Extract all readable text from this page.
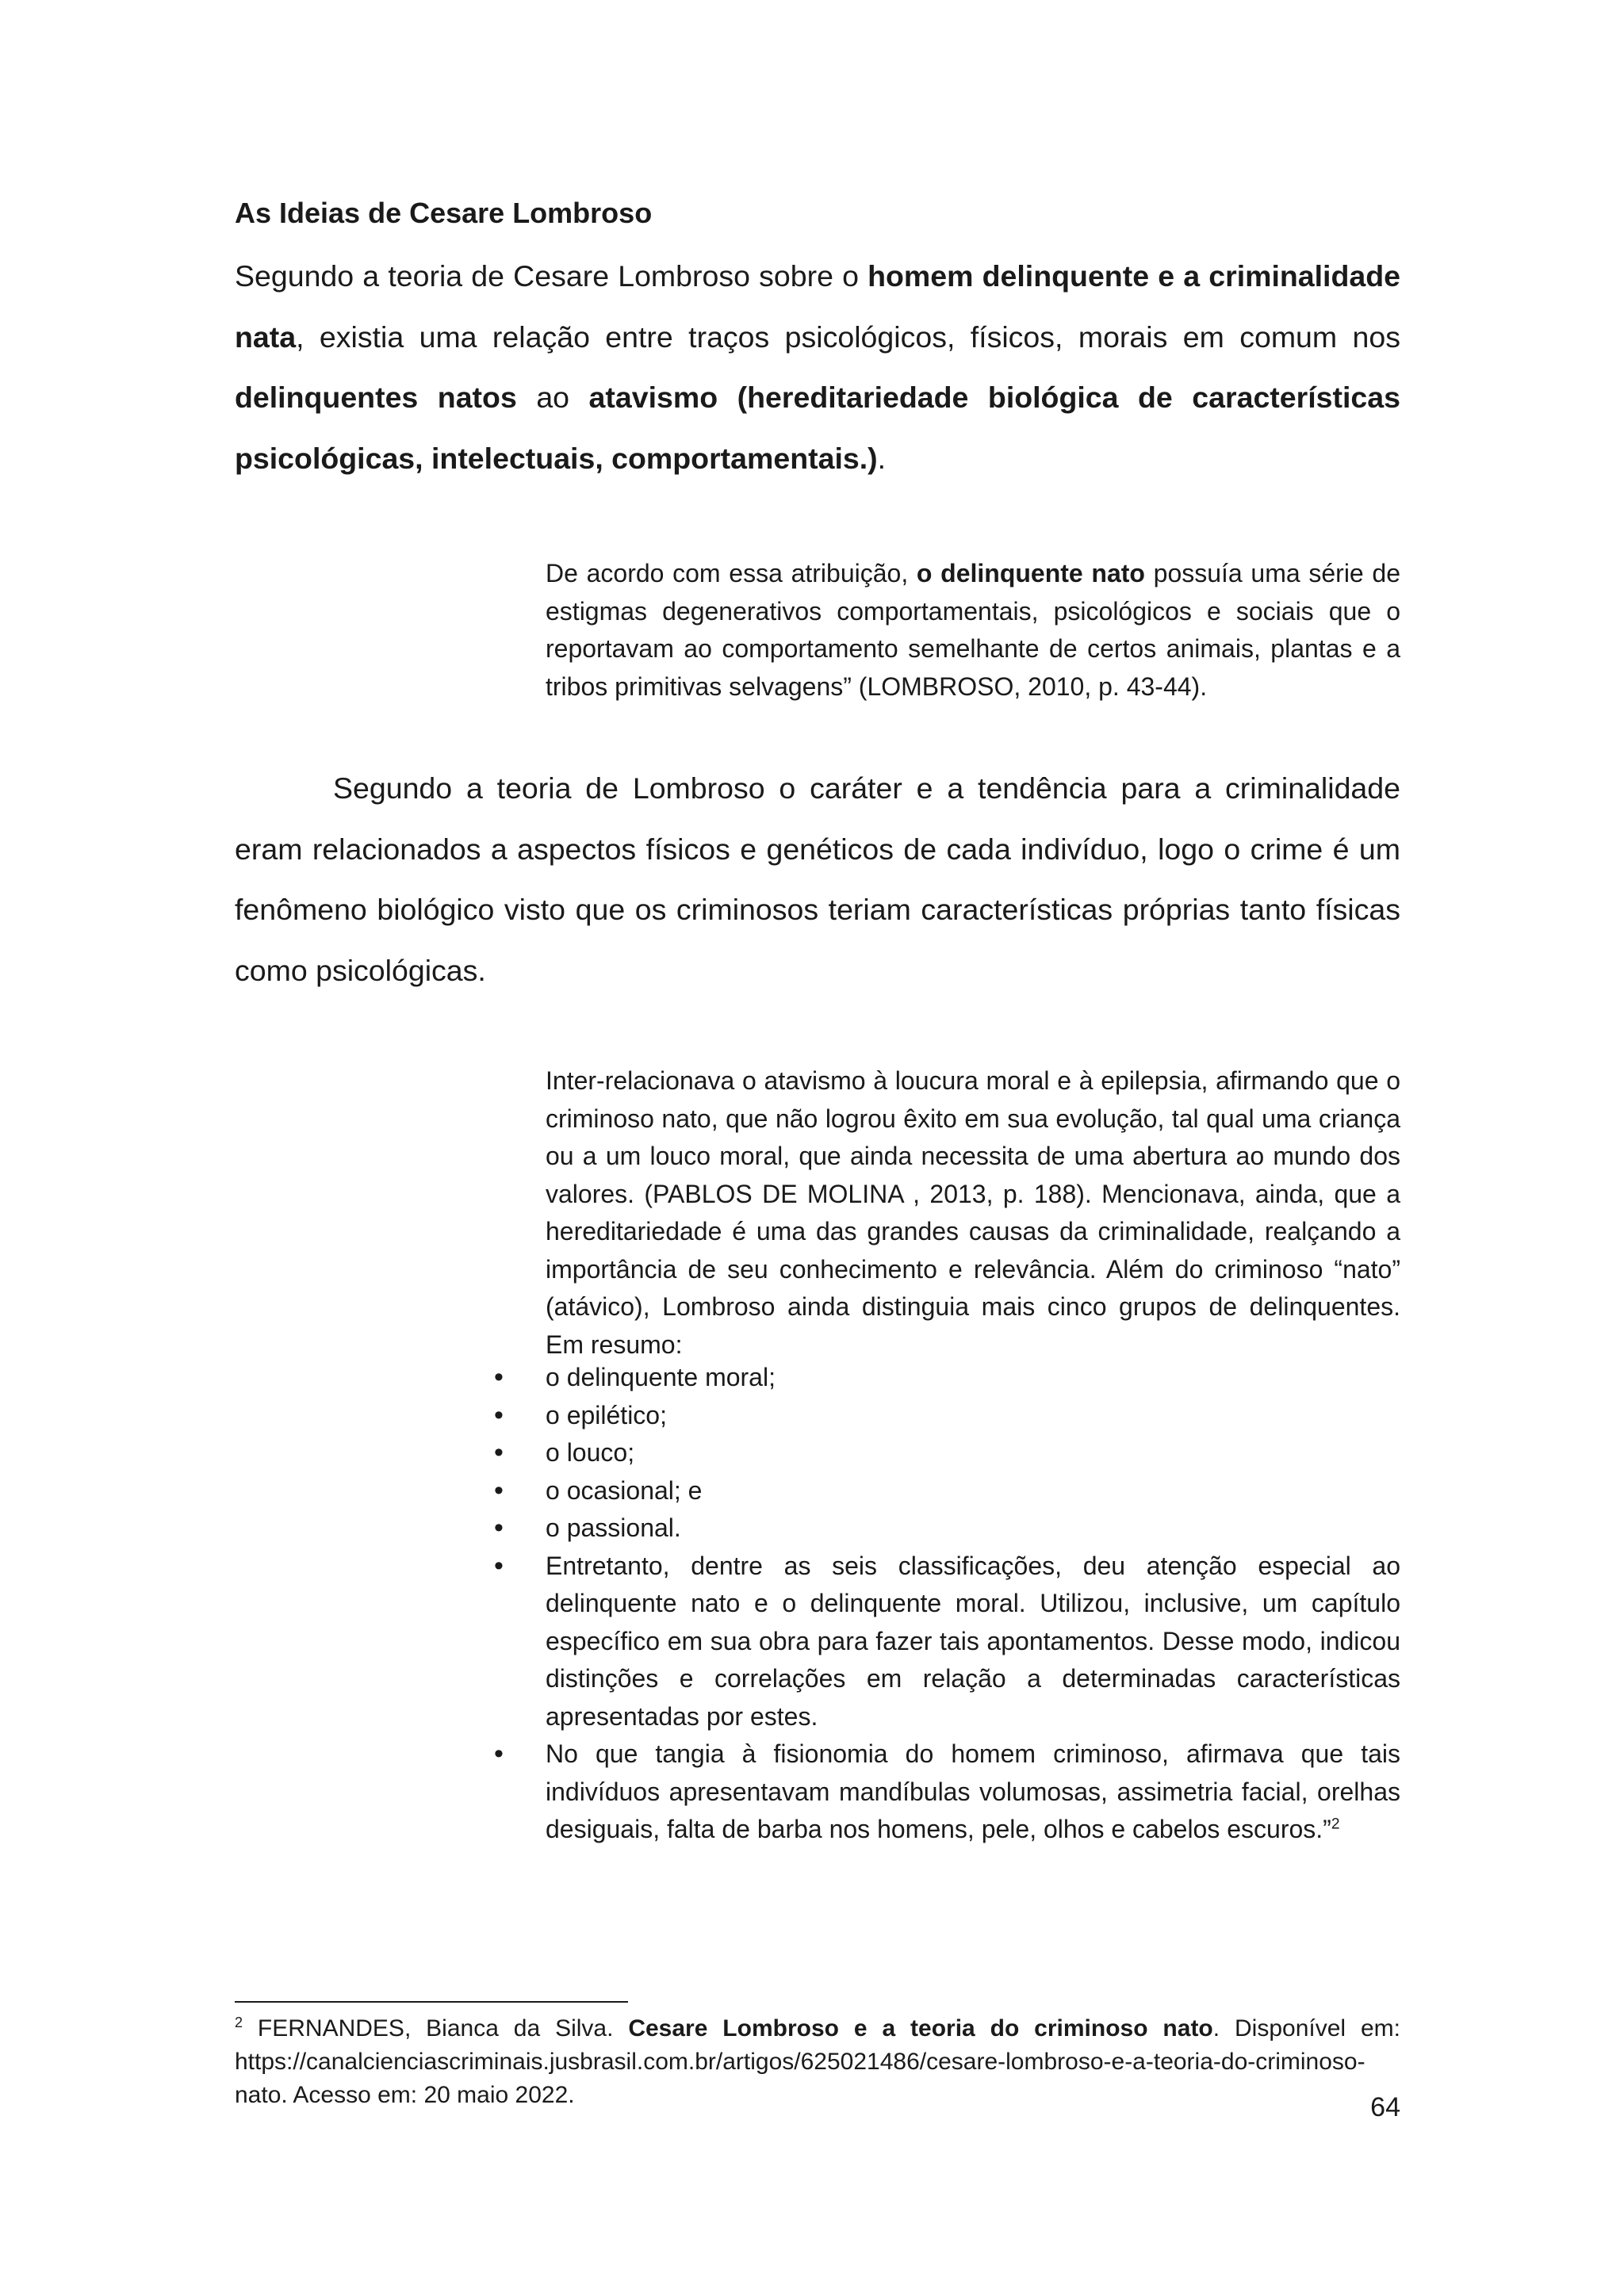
As Ideias de Cesare Lombroso

Segundo a teoria de Cesare Lombroso sobre o homem delinquente e a criminalidade nata, existia uma relação entre traços psicológicos, físicos, morais em comum nos delinquentes natos ao atavismo (hereditariedade biológica de características psicológicas, intelectuais, comportamentais.).

De acordo com essa atribuição, o delinquente nato possuía uma série de estigmas degenerativos comportamentais, psicológicos e sociais que o reportavam ao comportamento semelhante de certos animais, plantas e a tribos primitivas selvagens” (LOMBROSO, 2010, p. 43-44).

Segundo a teoria de Lombroso o caráter e a tendência para a criminalidade eram relacionados a aspectos físicos e genéticos de cada indivíduo, logo o crime é um fenômeno biológico visto que os criminosos teriam características próprias tanto físicas como psicológicas.

Inter-relacionava o atavismo à loucura moral e à epilepsia, afirmando que o criminoso nato, que não logrou êxito em sua evolução, tal qual uma criança ou a um louco moral, que ainda necessita de uma abertura ao mundo dos valores. (PABLOS DE MOLINA , 2013, p. 188). Mencionava, ainda, que a hereditariedade é uma das grandes causas da criminalidade, realçando a importância de seu conhecimento e relevância. Além do criminoso “nato” (atávico), Lombroso ainda distinguia mais cinco grupos de delinquentes. Em resumo:

• o delinquente moral;
• o epilético;
• o louco;
• o ocasional; e
• o passional.
• Entretanto, dentre as seis classificações, deu atenção especial ao delinquente nato e o delinquente moral. Utilizou, inclusive, um capítulo específico em sua obra para fazer tais apontamentos. Desse modo, indicou distinções e correlações em relação a determinadas características apresentadas por estes.
• No que tangia à fisionomia do homem criminoso, afirmava que tais indivíduos apresentavam mandíbulas volumosas, assimetria facial, orelhas desiguais, falta de barba nos homens, pele, olhos e cabelos escuros.”$^2$

$^2$ FERNANDES, Bianca da Silva. Cesare Lombroso e a teoria do criminoso nato. Disponível em: https://canalcienciascriminais.jusbrasil.com.br/artigos/625021486/cesare-lombroso-e-a-teoria-do-criminoso-nato. Acesso em: 20 maio 2022.	64
